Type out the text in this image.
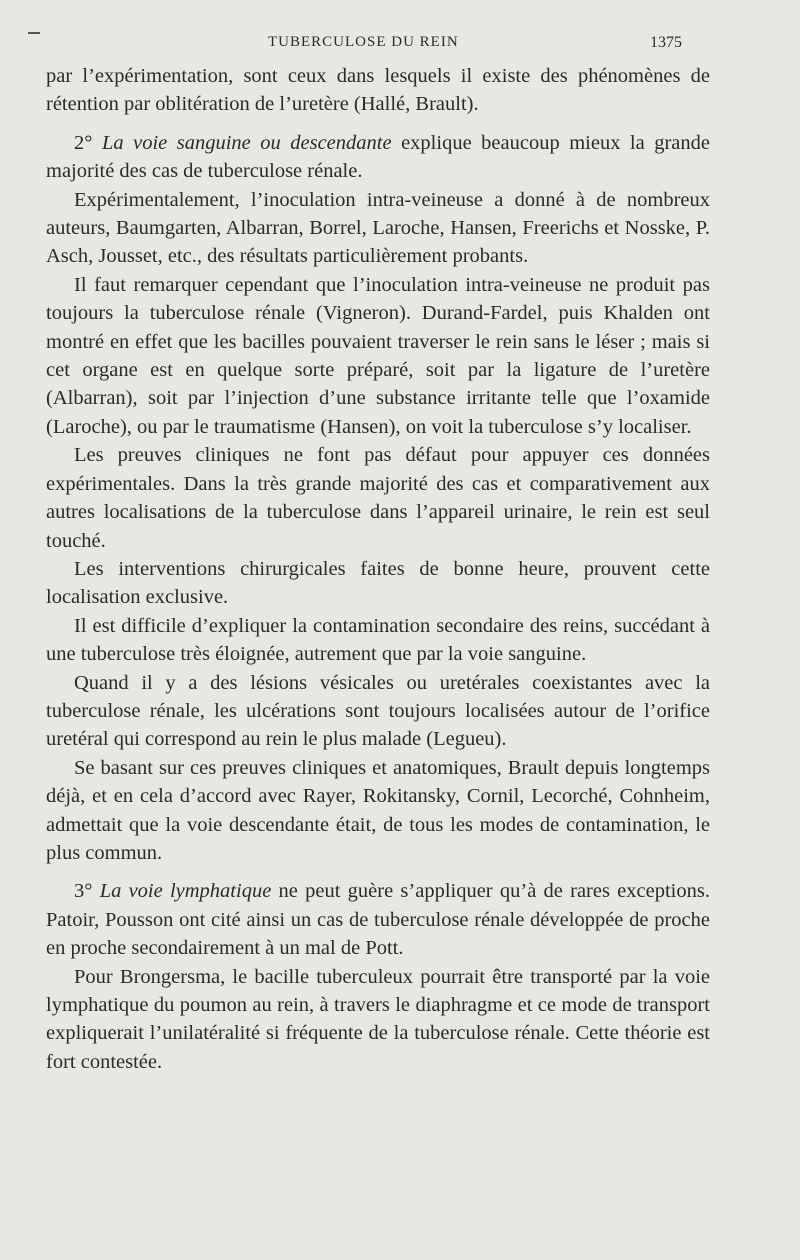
TUBERCULOSE DU REIN	1375

par l’expérimentation, sont ceux dans lesquels il existe des phénomènes de rétention par oblitération de l’uretère (Hallé, Brault).

2° La voie sanguine ou descendante explique beaucoup mieux la grande majorité des cas de tuberculose rénale.

Expérimentalement, l’inoculation intra-veineuse a donné à de nombreux auteurs, Baumgarten, Albarran, Borrel, Laroche, Hansen, Freerichs et Nosske, P. Asch, Jousset, etc., des résultats particulièrement probants.

Il faut remarquer cependant que l’inoculation intra-veineuse ne produit pas toujours la tuberculose rénale (Vigneron). Durand-Fardel, puis Khalden ont montré en effet que les bacilles pouvaient traverser le rein sans le léser ; mais si cet organe est en quelque sorte préparé, soit par la ligature de l’uretère (Albarran), soit par l’injection d’une substance irritante telle que l’oxamide (Laroche), ou par le traumatisme (Hansen), on voit la tuberculose s’y localiser.

Les preuves cliniques ne font pas défaut pour appuyer ces données expérimentales. Dans la très grande majorité des cas et comparativement aux autres localisations de la tuberculose dans l’appareil urinaire, le rein est seul touché.

Les interventions chirurgicales faites de bonne heure, prouvent cette localisation exclusive.

Il est difficile d’expliquer la contamination secondaire des reins, succédant à une tuberculose très éloignée, autrement que par la voie sanguine.

Quand il y a des lésions vésicales ou uretérales coexistantes avec la tuberculose rénale, les ulcérations sont toujours localisées autour de l’orifice uretéral qui correspond au rein le plus malade (Legueu).

Se basant sur ces preuves cliniques et anatomiques, Brault depuis longtemps déjà, et en cela d’accord avec Rayer, Rokitansky, Cornil, Lecorché, Cohnheim, admettait que la voie descendante était, de tous les modes de contamination, le plus commun.

3° La voie lymphatique ne peut guère s’appliquer qu’à de rares exceptions. Patoir, Pousson ont cité ainsi un cas de tuberculose rénale développée de proche en proche secondairement à un mal de Pott.

Pour Brongersma, le bacille tuberculeux pourrait être transporté par la voie lymphatique du poumon au rein, à travers le diaphragme et ce mode de transport expliquerait l’unilatéralité si fréquente de la tuberculose rénale. Cette théorie est fort contestée.
